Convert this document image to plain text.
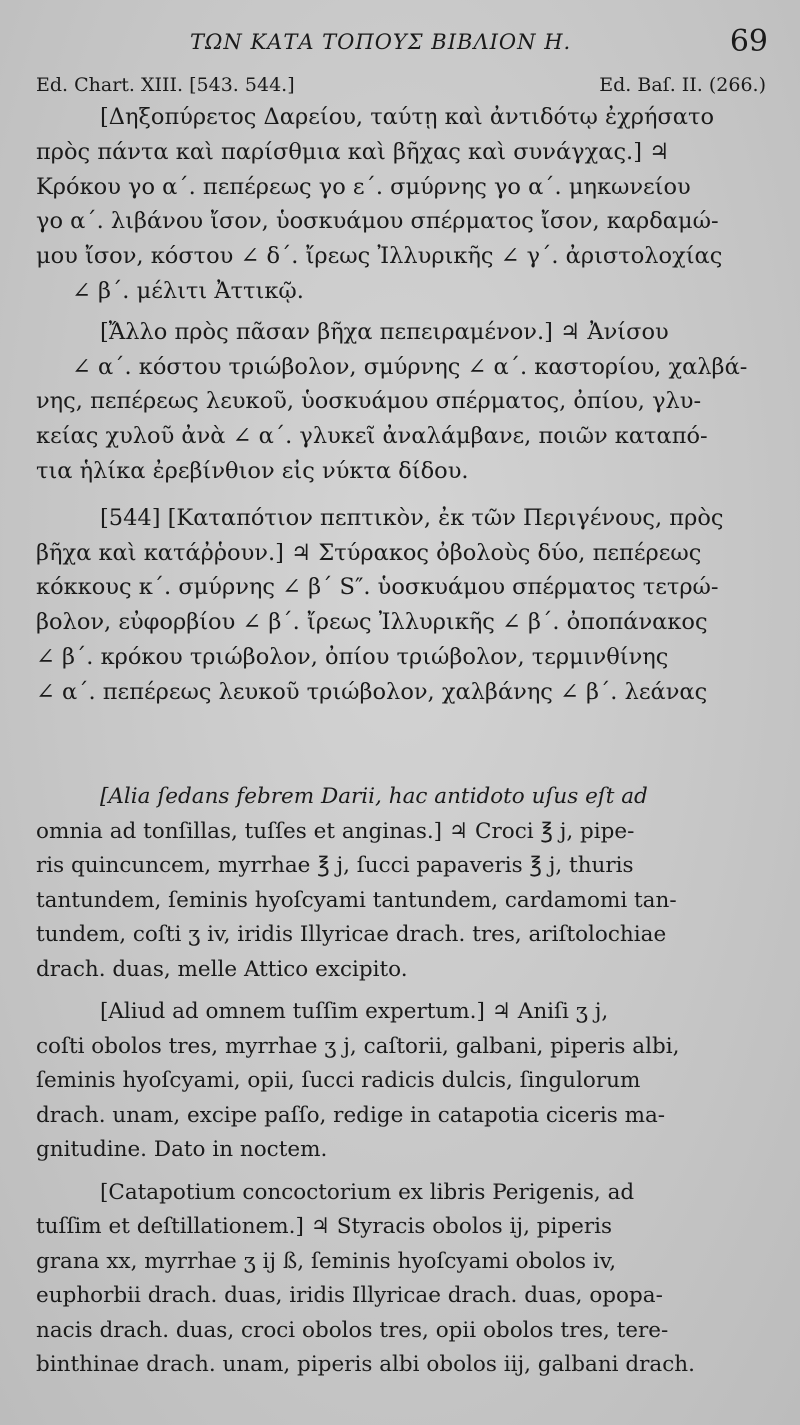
ΤΩΝ ΚΑΤΑ ΤΟΠΟΥΣ ΒΙΒΛΙΟΝ Η.	69
Ed. Chart. XIII. [543. 544.]	Ed. Baſ. II. (266.)
[Δηξοπύρετος Δαρείου, ταύτῃ καὶ ἀντιδότῳ ἐχρήσατο
πρὸς πάντα καὶ παρίσθμια καὶ βῆχας καὶ συνάγχας.] ♃
Κρόκου γο α΄. πεπέρεως γο ε΄. σμύρνης γο α΄. μηκωνείου
γο α΄. λιβάνου ἴσον, ὑοσκυάμου σπέρματος ἴσον, καρδαμώ-
μου ἴσον, κόστου ∠ δ΄. ἴρεως Ἰλλυρικῆς ∠ γ΄. ἀριστολοχίας
∠ β΄. μέλιτι Ἀττικῷ.
[Ἄλλο πρὸς πᾶσαν βῆχα πεπειραμένον.] ♃ Ἀνίσου
∠ α΄. κόστου τριώβολον, σμύρνης ∠ α΄. καστορίου, χαλβά-
νης, πεπέρεως λευκοῦ, ὑοσκυάμου σπέρματος, ὀπίου, γλυ-
κείας χυλοῦ ἀνὰ ∠ α΄. γλυκεῖ ἀναλάμβανε, ποιῶν καταπό-
τια ἡλίκα ἐρεβίνθιον εἰς νύκτα δίδου.
[544] [Καταπότιον πεπτικὸν, ἐκ τῶν Περιγένους, πρὸς
βῆχα καὶ κατάῤῥουν.] ♃ Στύρακος ὀβολοὺς δύο, πεπέρεως
κόκκους κ΄. σμύρνης ∠ β΄ S″. ὑοσκυάμου σπέρματος τετρώ-
βολον, εὐφορβίου ∠ β΄. ἴρεως Ἰλλυρικῆς ∠ β΄. ὀποπάνακος
∠ β΄. κρόκου τριώβολον, ὀπίου τριώβολον, τερμινθίνης
∠ α΄. πεπέρεως λευκοῦ τριώβολον, χαλβάνης ∠ β΄. λεάνας
[Alia ſedans febrem Darii, hac antidoto uſus eſt ad
omnia ad tonſillas, tuſſes et anginas.] ♃ Croci ℥ j, pipe-
ris quincuncem, myrrhae ℥ j, ſucci papaveris ℥ j, thuris
tantundem, ſeminis hyoſcyami tantundem, cardamomi tan-
tundem, coſti ʒ iv, iridis Illyricae drach. tres, ariſtolochiae
drach. duas, melle Attico excipito.
[Aliud ad omnem tuſſim expertum.] ♃ Aniſi ʒ j,
coſti obolos tres, myrrhae ʒ j, caſtorii, galbani, piperis albi,
ſeminis hyoſcyami, opii, ſucci radicis dulcis, ſingulorum
drach. unam, excipe paſſo, redige in catapotia ciceris ma-
gnitudine. Dato in noctem.
[Catapotium concoctorium ex libris Perigenis, ad
tuſſim et deſtillationem.] ♃ Styracis obolos ij, piperis
grana xx, myrrhae ʒ ij ß, ſeminis hyoſcyami obolos iv,
euphorbii drach. duas, iridis Illyricae drach. duas, opopa-
nacis drach. duas, croci obolos tres, opii obolos tres, tere-
binthinae drach. unam, piperis albi obolos iij, galbani drach.
